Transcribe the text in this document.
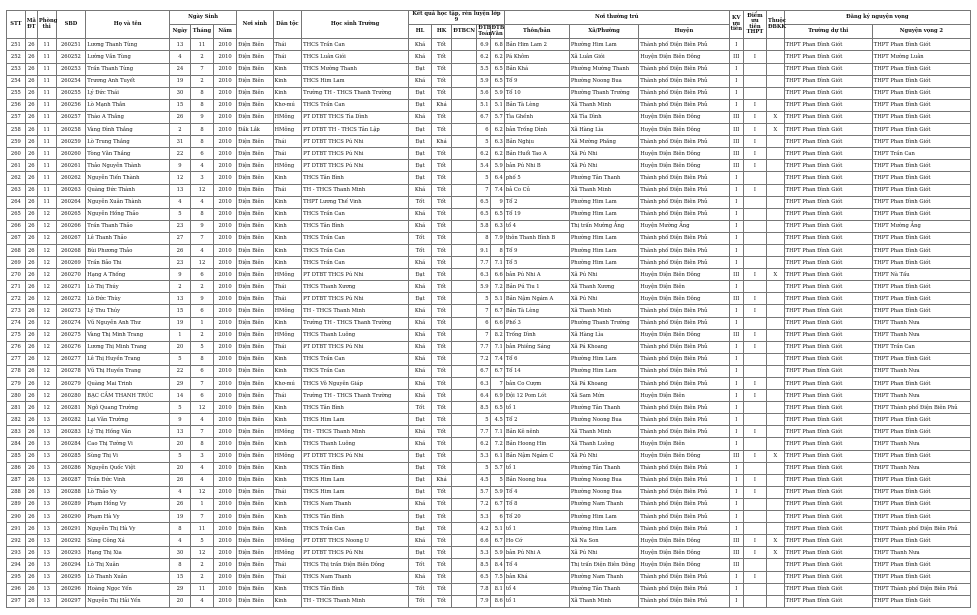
STT	Mã ĐT	Phòng thi	SBD	Họ và tên	Ngày Sinh			Nơi sinh	Dân tộc	Học sinh Trường	Kết quả học tập, rèn luyện lớp 9					Nơi thường trú			KV ưu tiên	Điểm ưu tiên THPT	Thuộc ĐBKK	Đăng ký nguyện vọng	
					Ngày	Tháng	Năm				HL	HK	ĐTBCN	ĐTB Toán	ĐTB Văn	Thôn/bản	Xã/Phường	Huyện				Trường dự thi	Nguyện vọng 2
251	26	11	260251	Lương Thanh Tùng	13	11	2010	Điện Biên	Thái	THCS Trần Can	Khá	Tốt		6.9	6.8	Bản Him Lam 2	Phường Him Lam	Thành phố Điện Biên Phủ	I			THPT Phan Đình Giót	THPT Phan Đình Giót
252	26	11	260252	Lường Văn Tùng	4	2	2010	Điện Biên	Thái	THCS Luân Giói	Khá	Tốt		6.2	6.2	Pá Khôm	Xã Luân Giói	Huyện Điện Biên Đông	III	I		THPT Phan Đình Giót	THPT Mường Luân
253	26	11	260253	Trần Thanh Tùng	24	7	2010	Điện Biên	Kinh	THCS Mường Thanh	Đạt	Tốt		5.5	6.5	Bản Khá	Phường Mường Thanh	Thành phố Điện Biên Phủ	I			THPT Phan Đình Giót	THPT Phan Đình Giót
254	26	11	260254	Trương Anh Tuyết	19	2	2010	Điện Biên	Kinh	THCS Him Lam	Khá	Tốt		5.9	6.5	Tổ 9	Phường Noong Bua	Thành phố Điện Biên Phủ	I			THPT Phan Đình Giót	THPT Phan Đình Giót
255	26	11	260255	Lý Đức Thái	30	8	2010	Điện Biên	Kinh	Trường TH - THCS Thanh Trường	Đạt	Tốt		5.6	5.9	Tổ 10	Phường Thanh Trường	Thành phố Điện Biên Phủ	I			THPT Phan Đình Giót	THPT Phan Đình Giót
256	26	11	260256	Lò Mạnh Thắn	15	8	2010	Điện Biên	Khơ-mú	THCS Trần Can	Đạt	Khá		5.1	5.1	Bản Tà Lèng	Xã Thanh Minh	Thành phố Điện Biên Phủ	I	I		THPT Phan Đình Giót	THPT Phan Đình Giót
257	26	11	260257	Thào A Thắng	26	9	2010	Điện Biên	HMông	PT DTBT THCS Tìa Dình	Khá	Tốt		6.7	5.7	Tìa Ghềnh	Xã Tìa Dình	Huyện Điện Biên Đông	III	I	X	THPT Phan Đình Giót	THPT Phan Đình Giót
258	26	11	260258	Vàng Đình Thắng	2	8	2010	Đắk Lắk	HMông	PT DTBT TH - THCS Tân Lập	Đạt	Tốt		6	6.2	bản Trống Dình	Xã Hàng Lìa	Huyện Điện Biên Đông	III	I	X	THPT Phan Đình Giót	THPT Phan Đình Giót
259	26	11	260259	Lò Trung Thắng	31	8	2010	Điện Biên	Thái	PT DTBT THCS Pú Nhi	Đạt	Khá		5	6.3	Bản Nghịu	Xã Mường Phăng	Thành phố Điện Biên Phủ	III	I		THPT Phan Đình Giót	THPT Phan Đình Giót
260	26	11	260260	Tòng Văn Thắng	22	6	2010	Điện Biên	Thái	PT DTBT THCS Pú Nhi	Đạt	Tốt		6.2	6.2	Bản Huổi Tao A	Xã Pú Nhi	Huyện Điện Biên Đông	III	I		THPT Phan Đình Giót	THPT Trần Can
261	26	11	260261	Thảo Nguyễn Thành	9	4	2010	Điện Biên	HMông	PT DTBT THCS Pú Nhi	Đạt	Tốt		5.4	5.9	bản Pú Nhi B	Xã Pú Nhi	Huyện Điện Biên Đông	III	I		THPT Phan Đình Giót	THPT Phan Đình Giót
262	26	11	260262	Nguyễn Tiến Thành	12	3	2010	Điện Biên	Kinh	THCS Tân Bình	Đạt	Tốt		5	6.4	phố 5	Phường Tân Thanh	Thành phố Điện Biên Phủ	I			THPT Phan Đình Giót	THPT Phan Đình Giót
263	26	11	260263	Quàng Đức Thành	13	12	2010	Điện Biên	Thái	TH - THCS Thanh Minh	Khá	Tốt		7	7.4	bả Co Củ	Xã Thanh Minh	Thành phố Điện Biên Phủ	I	I		THPT Phan Đình Giót	THPT Phan Đình Giót
264	26	11	260264	Nguyễn Xuân Thành	4	4	2010	Điện Biên	Kinh	THPT Lương Thế Vinh	Tốt	Tốt		6.5	9	Tổ 2	Phường Him Lam	Thành phố Điện Biên Phủ	I			THPT Phan Đình Giót	THPT Phan Đình Giót
265	26	12	260265	Nguyễn Hồng Thảo	5	8	2010	Điện Biên	Kinh	THCS Trần Can	Khá	Tốt		6.5	6.5	Tổ 19	Phường Him Lam	Thành phố Điện Biên Phủ	I			THPT Phan Đình Giót	THPT Phan Đình Giót
266	26	12	260266	Trần Thanh Thảo	23	9	2010	Điện Biên	Kinh	THCS Tân Bình	Khá	Tốt		5.8	6.3	tổ 4	Thị trấn Mường Ảng	Huyện Mường Ảng	I			THPT Phan Đình Giót	THPT Mường Ảng
267	26	12	260267	Lê Thanh Thảo	27	7	2010	Điện Biên	Kinh	THCS Trần Can	Tốt	Tốt		8	7.9	thôn Thanh Bình B	Phường Him Lam	Thành phố Điện Biên Phủ	I			THPT Phan Đình Giót	THPT Phan Đình Giót
268	26	12	260268	Bùi Phương Thảo	26	4	2010	Điện Biên	Kinh	THCS Trần Can	Tốt	Tốt		9.1	8	Tổ 9	Phường Him Lam	Thành phố Điện Biên Phủ	I			THPT Phan Đình Giót	THPT Phan Đình Giót
269	26	12	260269	Trần Bảo Thi	23	12	2010	Điện Biên	Kinh	THCS Trần Can	Khá	Tốt		7.7	7.1	Tổ 5	Phường Him Lam	Thành phố Điện Biên Phủ	I			THPT Phan Đình Giót	THPT Phan Đình Giót
270	26	12	260270	Hạng A Thống	9	6	2010	Điện Biên	HMông	PT DTBT THCS Pú Nhi	Đạt	Tốt		6.3	6.6	bản Pú Nhi A	Xã Pú Nhi	Huyện Điện Biên Đông	III	I	X	THPT Phan Đình Giót	THPT Nà Tấu
271	26	12	260271	Lò Thị Thúy	2	2	2010	Điện Biên	Thái	THCS Thanh Xương	Khá	Tốt		5.9	7.2	Bản Pú Tiu 1	Xã Thanh Xương	Huyện Điện Biên	I			THPT Phan Đình Giót	THPT Phan Đình Giót
272	26	12	260272	Lò Đức Thùy	13	9	2010	Điện Biên	Thái	PT DTBT THCS Pú Nhi	Đạt	Tốt		5	5.1	Bản Nậm Ngám A	Xã Pú Nhi	Huyện Điện Biên Đông	III	I		THPT Phan Đình Giót	THPT Phan Đình Giót
273	26	12	260273	Lý Thu Thúy	15	6	2010	Điện Biên	HMông	TH - THCS Thanh Minh	Khá	Tốt		7	6.7	Bản Tà Lèng	Xã Thanh Minh	Thành phố Điện Biên Phủ	I	I		THPT Phan Đình Giót	THPT Phan Đình Giót
274	26	12	260274	Vũ Nguyễn Anh Thư	19	1	2010	Điện Biên	Kinh	Trường TH - THCS Thanh Trường	Khá	Tốt		6	6.6	Phố 3	Phường Thanh Trường	Thành phố Điện Biên Phủ	I			THPT Phan Đình Giót	THPT Thanh Nưa
275	26	12	260275	Vàng Thị Minh Trang	1	2	2010	Điện Biên	HMông	THCS Thanh Luông	Khá	Tốt		7	8.2	Trống Dình	Xã Hàng Lìa	Huyện Điện Biên Đông	III	I		THPT Phan Đình Giót	THPT Thanh Nưa
276	26	12	260276	Lương Thị Minh Trang	20	5	2010	Điện Biên	Thái	PT DTBT THCS Pú Nhi	Khá	Tốt		7.7	7.1	bản Phiêng Sáng	Xã Pá Khoang	Thành phố Điện Biên Phủ	I	I		THPT Phan Đình Giót	THPT Trần Can
277	26	12	260277	Lê Thị Huyền Trang	5	8	2010	Điện Biên	Kinh	THCS Trần Can	Khá	Tốt		7.2	7.4	Tổ 6	Phường Him Lam	Thành phố Điện Biên Phủ	I			THPT Phan Đình Giót	THPT Phan Đình Giót
278	26	12	260278	Vũ Thị Huyền Trang	22	6	2010	Điện Biên	Kinh	THCS Trần Can	Khá	Tốt		6.7	6.7	Tổ 14	Phường Him Lam	Thành phố Điện Biên Phủ	I			THPT Phan Đình Giót	THPT Thanh Nưa
279	26	12	260279	Quàng Mai Trinh	29	7	2010	Điện Biên	Khơ-mú	THCS Võ Nguyên Giáp	Khá	Tốt		6.3	7	bản Co Cượm	Xã Pá Khoang	Thành phố Điện Biên Phủ	I	I		THPT Phan Đình Giót	THPT Phan Đình Giót
280	26	12	260280	BẠC CẦM THANH TRÚC	14	6	2010	Điện Biên	Thái	Trường TH - THCS Thanh Trường	Khá	Tốt		6.4	6.9	Đội 12 Pom Lót	Xã Sam Mứn	Huyện Điện Biên	I	I		THPT Phan Đình Giót	THPT Thanh Nưa
281	26	12	260281	Ngô Quang Trường	5	12	2010	Điện Biên	Kinh	THCS Tân Bình	Tốt	Tốt		8.5	6.5	tổ 1	Phường Tân Thanh	Thành phố Điện Biên Phủ	I			THPT Phan Đình Giót	THPT Thành phố Điện Biên Phủ
282	26	13	260282	Lại Văn Trường	9	4	2010	Điện Biên	Kinh	THCS Him Lam	Đạt	Tốt		5	4.5	Tổ 2	Phường Noong Bua	Thành phố Điện Biên Phủ	I			THPT Phan Đình Giót	THPT Phan Đình Giót
283	26	13	260283	Lý Thị Hồng Vân	13	7	2010	Điện Biên	HMông	TH - THCS Thanh Minh	Khá	Tốt		7.7	7.1	Bản Kê nênh	Xã Thanh Minh	Thành phố Điện Biên Phủ	I	I		THPT Phan Đình Giót	THPT Phan Đình Giót
284	26	13	260284	Cao Thị Tường Vi	20	8	2010	Điện Biên	Kinh	THCS Thanh Luông	Khá	Tốt		6.2	7.2	Bản Hoong Hin	Xã Thanh Luông	Huyện Điện Biên	I			THPT Phan Đình Giót	THPT Thanh Nưa
285	26	13	260285	Sùng Thị Vi	5	3	2010	Điện Biên	HMông	PT DTBT THCS Pú Nhi	Đạt	Tốt		5.3	6.1	Bản Nậm Ngám C	Xã Pú Nhi	Huyện Điện Biên Đông	III	I	X	THPT Phan Đình Giót	THPT Phan Đình Giót
286	26	13	260286	Nguyễn Quốc Việt	20	4	2010	Điện Biên	Kinh	THCS Tân Bình	Đạt	Tốt		5	5.7	tổ 1	Phường Tân Thanh	Thành phố Điện Biên Phủ	I			THPT Phan Đình Giót	THPT Thanh Nưa
287	26	13	260287	Trần Đức Vinh	26	4	2010	Điện Biên	Kinh	THCS Him Lam	Đạt	Khá		4.5	5	Bản Noong bua	Phường Noong Bua	Thành phố Điện Biên Phủ	I	I		THPT Phan Đình Giót	THPT Phan Đình Giót
288	26	13	260288	Lò Thảo Vy	4	12	2010	Điện Biên	Thái	THCS Him Lam	Đạt	Tốt		5.7	5.9	Tổ 4	Phường Noong Bua	Thành phố Điện Biên Phủ	I	I		THPT Phan Đình Giót	THPT Phan Đình Giót
289	26	13	260289	Phạm Hồng Vy	26	1	2010	Điện Biên	Kinh	THCS Nam Thanh	Khá	Tốt		7.2	6.7	Tổ 8	Phường Nam Thanh	Thành phố Điện Biên Phủ	I			THPT Phan Đình Giót	THPT Phan Đình Giót
290	26	13	260290	Phạm Hà Vy	19	7	2010	Điện Biên	Kinh	THCS Tân Bình	Đạt	Tốt		5.3	6	Tổ 20	Phường Him Lam	Thành phố Điện Biên Phủ	I			THPT Phan Đình Giót	THPT Phan Đình Giót
291	26	13	260291	Nguyễn Thị Hà Vy	8	11	2010	Điện Biên	Kinh	THCS Trần Can	Đạt	Tốt		4.2	5.1	tổ 1	Phường Him Lam	Thành phố Điện Biên Phủ	I			THPT Phan Đình Giót	THPT Thành phố Điện Biên Phủ
292	26	13	260292	Sùng Công Xá	4	5	2010	Điện Biên	HMông	PT DTBT THCS Noong U	Khá	Tốt		6.6	6.7	Ho Cớ	Xã Na Son	Huyện Điện Biên Đông	III	I	X	THPT Phan Đình Giót	THPT Phan Đình Giót
293	26	13	260293	Hạng Thị Xia	30	12	2010	Điện Biên	HMông	PT DTBT THCS Pú Nhi	Đạt	Tốt		5.3	5.9	bản Pú Nhi A	Xã Pú Nhi	Huyện Điện Biên Đông	III	I	X	THPT Phan Đình Giót	THPT Thanh Nưa
294	26	13	260294	Lò Thị Xuân	8	2	2010	Điện Biên	Thái	THCS Thị trấn Điện Biên Đông	Tốt	Tốt		8.5	8.4	Tổ 4	Thị trấn Điện Biên Đông	Huyện Điện Biên Đông	III			THPT Phan Đình Giót	THPT Phan Đình Giót
295	26	13	260295	Lò Thanh Xuân	15	2	2010	Điện Biên	Thái	THCS Nam Thanh	Khá	Tốt		6.5	7.5	bản Khá	Phường Nam Thanh	Thành phố Điện Biên Phủ	I	I		THPT Phan Đình Giót	THPT Phan Đình Giót
296	26	13	260296	Hoàng Ngọc Yến	29	11	2010	Điện Biên	Kinh	THCS Tân Bình	Tốt	Tốt		7.8	8.1	tổ 4	Phường Tân Thanh	Thành phố Điện Biên Phủ	I			THPT Phan Đình Giót	THPT Thành phố Điện Biên Phủ
297	26	13	260297	Nguyễn Thị Hải Yến	20	4	2010	Điện Biên	Kinh	TH - THCS Thanh Minh	Tốt	Tốt		7.9	8.6	tổ 1	Xã Thanh Minh	Thành phố Điện Biên Phủ	I			THPT Phan Đình Giót	THPT Phan Đình Giót
